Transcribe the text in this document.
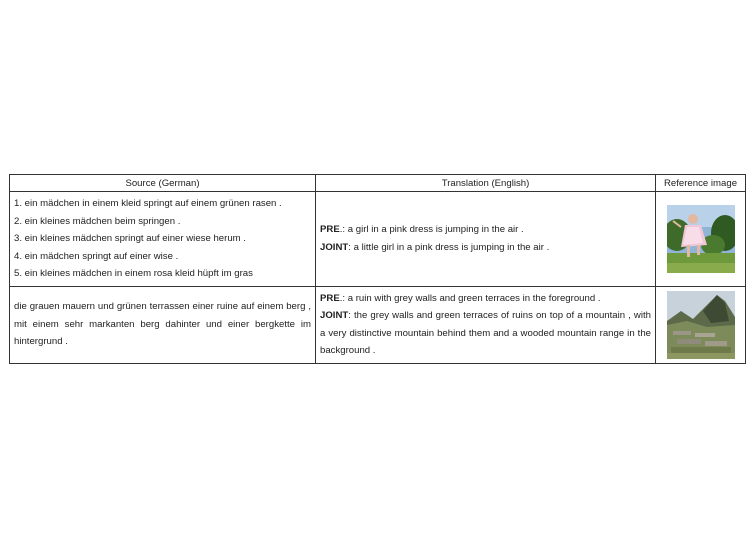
Source (German)	Translation (English)	Reference image

1. ein mädchen in einem kleid springt auf einem grünen rasen .
2. ein kleines mädchen beim springen .
3. ein kleines mädchen springt auf einer wiese herum .
4. ein mädchen springt auf einer wise .
5. ein kleines mädchen in einem rosa kleid hüpft im gras	PRE.: a girl in a pink dress is jumping in the air .
JOINT: a little girl in a pink dress is jumping in the air .

die grauen mauern und grünen terrassen einer ruine auf einem berg , mit einem sehr markanten berg dahinter und einer bergkette im hintergrund .	PRE.: a ruin with grey walls and green terraces in the foreground .
JOINT: the grey walls and green terraces of ruins on top of a mountain , with a very distinctive mountain behind them and a wooded mountain range in the background .
